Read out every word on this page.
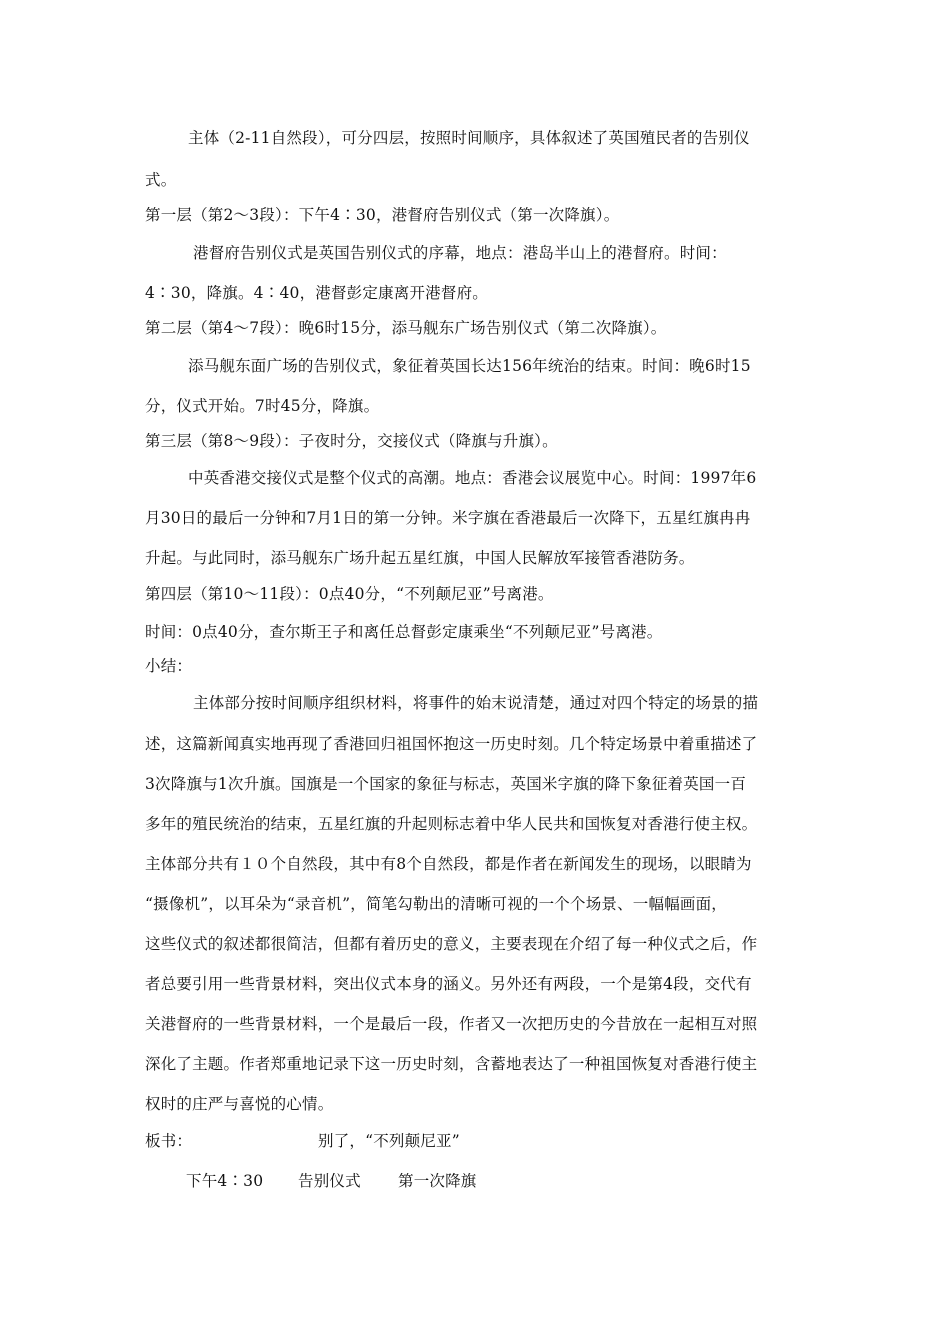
主体（2-11自然段），可分四层，按照时间顺序，具体叙述了英国殖民者的告别仪
式。
第一层（第2～3段）：下午4∶30，港督府告别仪式（第一次降旗）。
港督府告别仪式是英国告别仪式的序幕，地点：港岛半山上的港督府。时间：
4∶30，降旗。4∶40，港督彭定康离开港督府。
第二层（第4～7段）：晚6时15分，添马舰东广场告别仪式（第二次降旗）。
添马舰东面广场的告别仪式，象征着英国长达156年统治的结束。时间：晚6时15
分，仪式开始。7时45分，降旗。
第三层（第8～9段）：子夜时分，交接仪式（降旗与升旗）。
中英香港交接仪式是整个仪式的高潮。地点：香港会议展览中心。时间：1997年6
月30日的最后一分钟和7月1日的第一分钟。米字旗在香港最后一次降下，五星红旗冉冉
升起。与此同时，添马舰东广场升起五星红旗，中国人民解放军接管香港防务。
第四层（第10～11段）：0点40分，“不列颠尼亚”号离港。
时间：0点40分，查尔斯王子和离任总督彭定康乘坐“不列颠尼亚”号离港。
小结：
主体部分按时间顺序组织材料，将事件的始末说清楚，通过对四个特定的场景的描
述，这篇新闻真实地再现了香港回归祖国怀抱这一历史时刻。几个特定场景中着重描述了
3次降旗与1次升旗。国旗是一个国家的象征与标志，英国米字旗的降下象征着英国一百
多年的殖民统治的结束，五星红旗的升起则标志着中华人民共和国恢复对香港行使主权。
主体部分共有１０个自然段，其中有8个自然段，都是作者在新闻发生的现场，以眼睛为
“摄像机”，以耳朵为“录音机”，简笔勾勒出的清晰可视的一个个场景、一幅幅画面，
这些仪式的叙述都很简洁，但都有着历史的意义，主要表现在介绍了每一种仪式之后，作
者总要引用一些背景材料，突出仪式本身的涵义。另外还有两段，一个是第4段，交代有
关港督府的一些背景材料，一个是最后一段，作者又一次把历史的今昔放在一起相互对照
深化了主题。作者郑重地记录下这一历史时刻，含蓄地表达了一种祖国恢复对香港行使主
权时的庄严与喜悦的心情。
板书：	别了，“不列颠尼亚”
下午4∶30	告别仪式	第一次降旗
